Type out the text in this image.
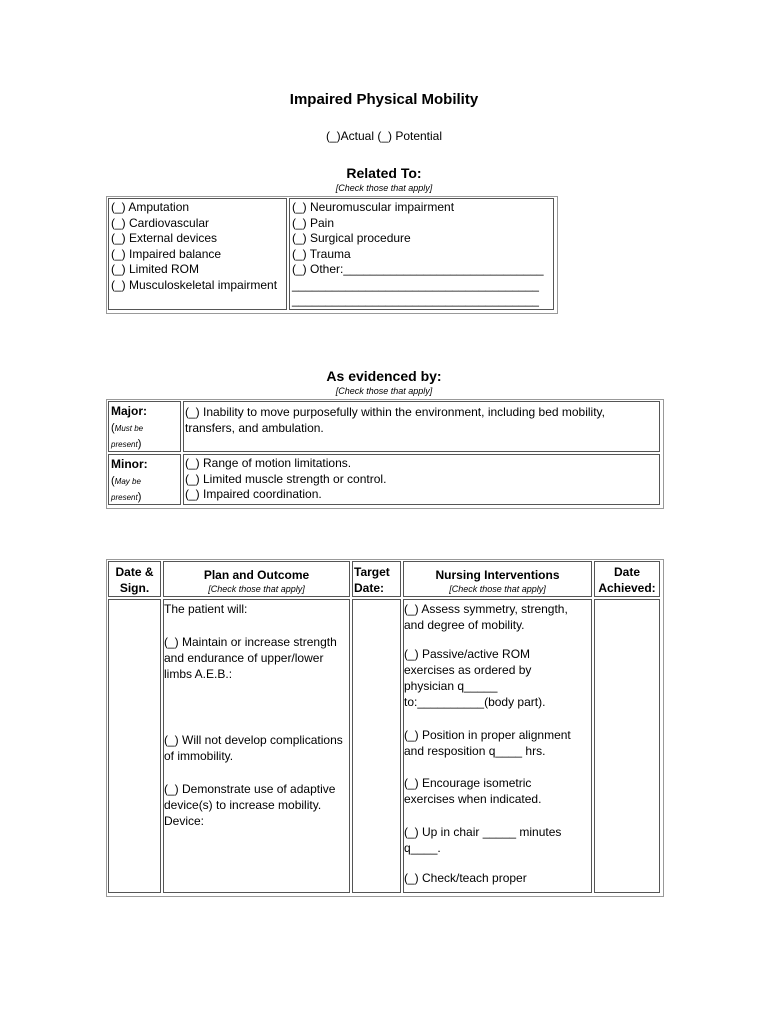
Impaired Physical Mobility
(_)Actual (_) Potential
Related To:
[Check those that apply]
(_) Amputation
(_) Cardiovascular
(_) External devices
(_) Impaired balance
(_) Limited ROM
(_) Musculoskeletal impairment
(_) Neuromuscular impairment
(_) Pain
(_) Surgical procedure
(_) Trauma
(_) Other:______________________________
_____________________________________
_____________________________________
As evidenced by:
[Check those that apply]
Major:
(Must be
present)
(_) Inability to move purposefully within the environment, including bed mobility, transfers, and ambulation.
Minor:
(May be
present)
(_) Range of motion limitations.
(_) Limited muscle strength or control.
(_) Impaired coordination.
Date &
Sign.
Plan and Outcome
[Check those that apply]
Target
Date:
Nursing Interventions
[Check those that apply]
Date
Achieved:
The patient will:
(_) Maintain or increase strength and endurance of upper/lower limbs A.E.B.:
(_) Will not develop complications of immobility.
(_) Demonstrate use of adaptive device(s) to increase mobility.
Device:
(_) Assess symmetry, strength, and degree of mobility.
(_) Passive/active ROM
exercises as ordered by
physician q_____
to:__________(body part).
(_) Position in proper alignment and resposition q____ hrs.
(_) Encourage isometric exercises when indicated.
(_) Up in chair _____ minutes
q____.
(_) Check/teach proper
